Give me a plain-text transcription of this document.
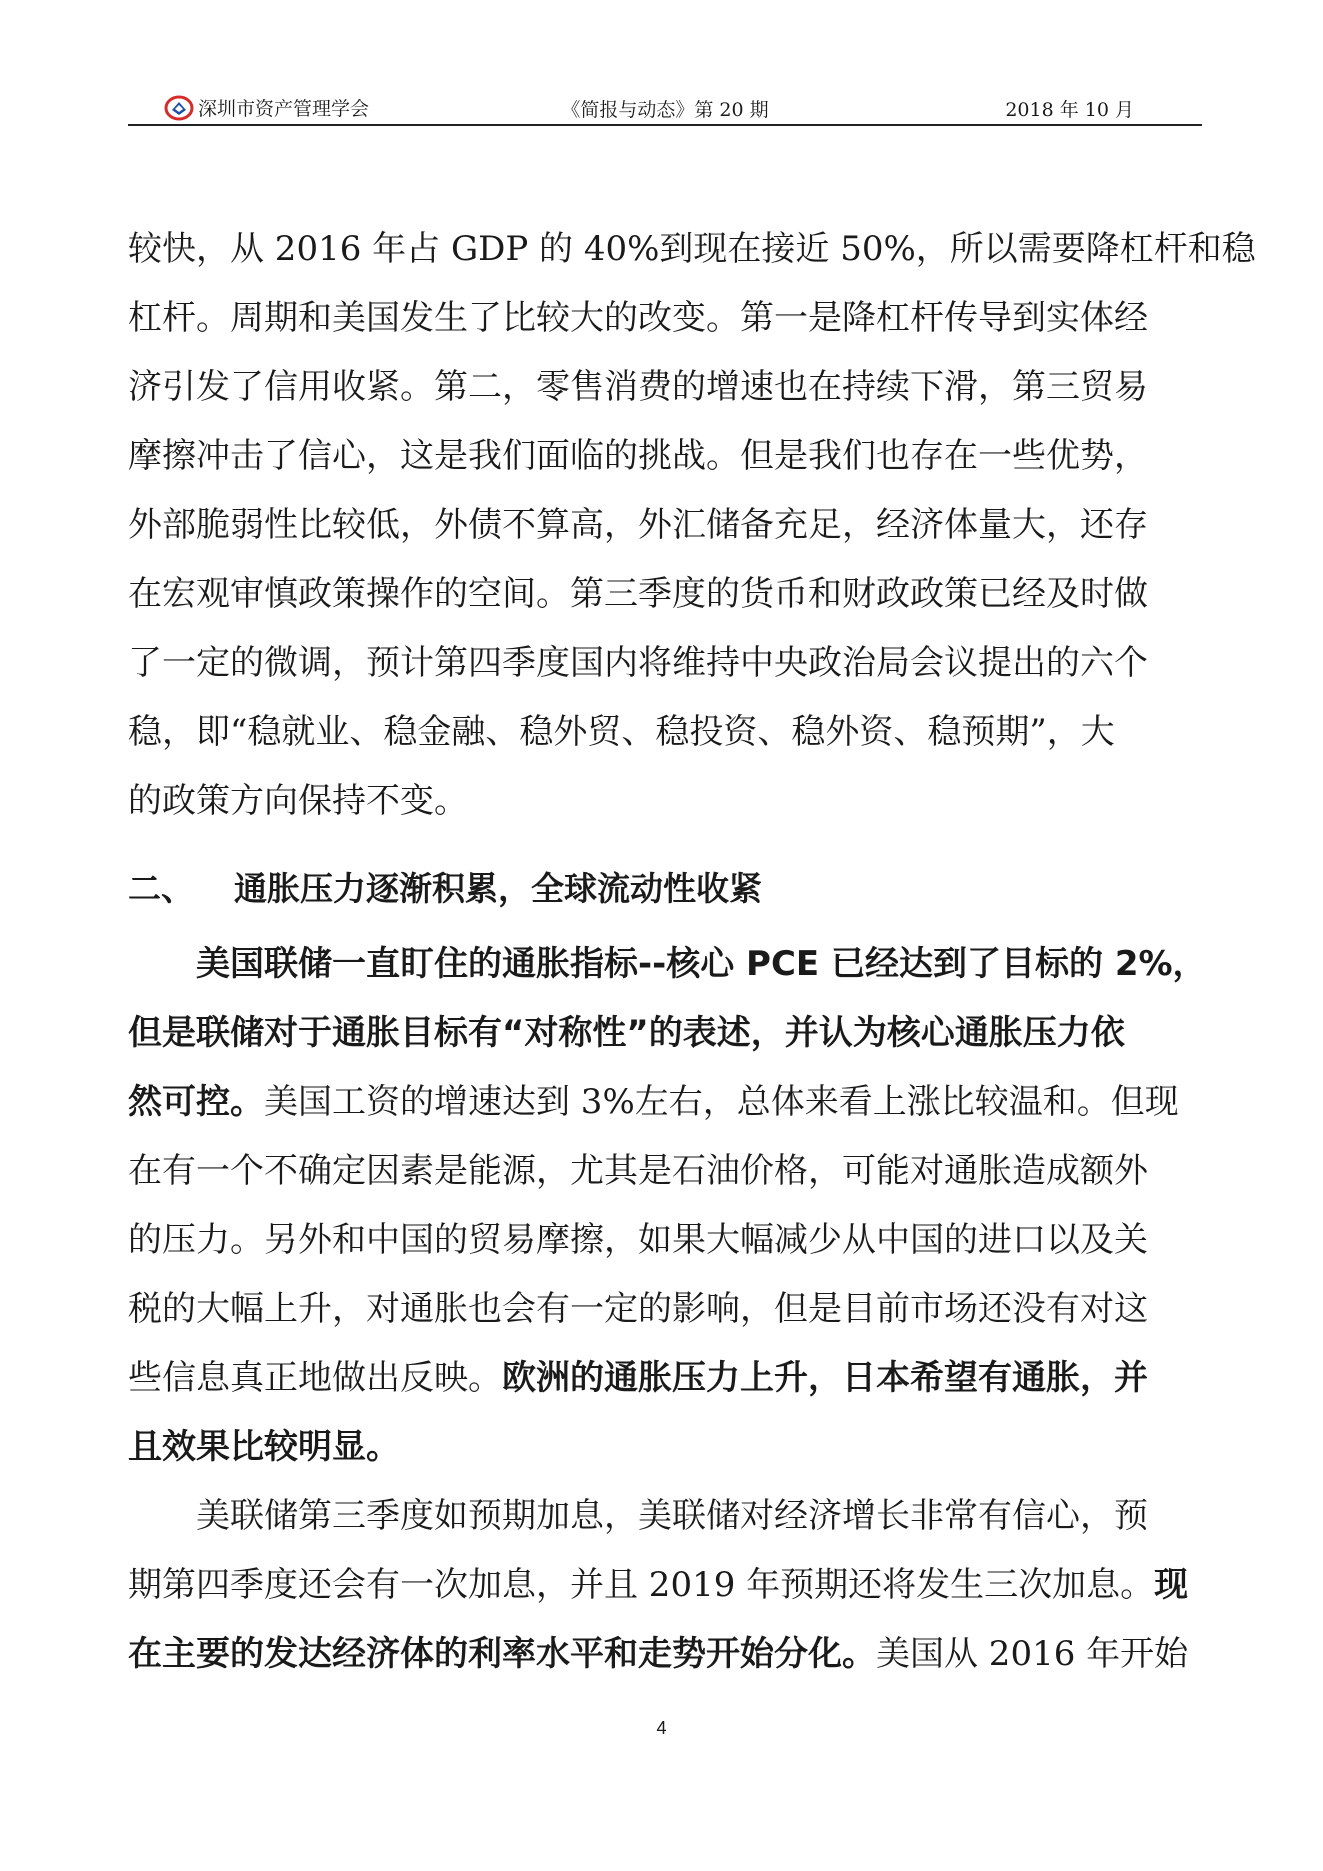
深圳市资产管理学会	《简报与动态》第 20 期	2018 年 10 月
较快，从 2016 年占 GDP 的 40%到现在接近 50%，所以需要降杠杆和稳
杠杆。周期和美国发生了比较大的改变。第一是降杠杆传导到实体经
济引发了信用收紧。第二，零售消费的增速也在持续下滑，第三贸易
摩擦冲击了信心，这是我们面临的挑战。但是我们也存在一些优势，
外部脆弱性比较低，外债不算高，外汇储备充足，经济体量大，还存
在宏观审慎政策操作的空间。第三季度的货币和财政政策已经及时做
了一定的微调，预计第四季度国内将维持中央政治局会议提出的六个
稳，即“稳就业、稳金融、稳外贸、稳投资、稳外资、稳预期”，大
的政策方向保持不变。
二、 通胀压力逐渐积累，全球流动性收紧
美国联储一直盯住的通胀指标--核心 PCE 已经达到了目标的 2%，
但是联储对于通胀目标有“对称性”的表述，并认为核心通胀压力依
然可控。美国工资的增速达到 3%左右，总体来看上涨比较温和。但现
在有一个不确定因素是能源，尤其是石油价格，可能对通胀造成额外
的压力。另外和中国的贸易摩擦，如果大幅减少从中国的进口以及关
税的大幅上升，对通胀也会有一定的影响，但是目前市场还没有对这
些信息真正地做出反映。欧洲的通胀压力上升，日本希望有通胀，并
且效果比较明显。
美联储第三季度如预期加息，美联储对经济增长非常有信心，预
期第四季度还会有一次加息，并且 2019 年预期还将发生三次加息。现
在主要的发达经济体的利率水平和走势开始分化。美国从 2016 年开始
4
